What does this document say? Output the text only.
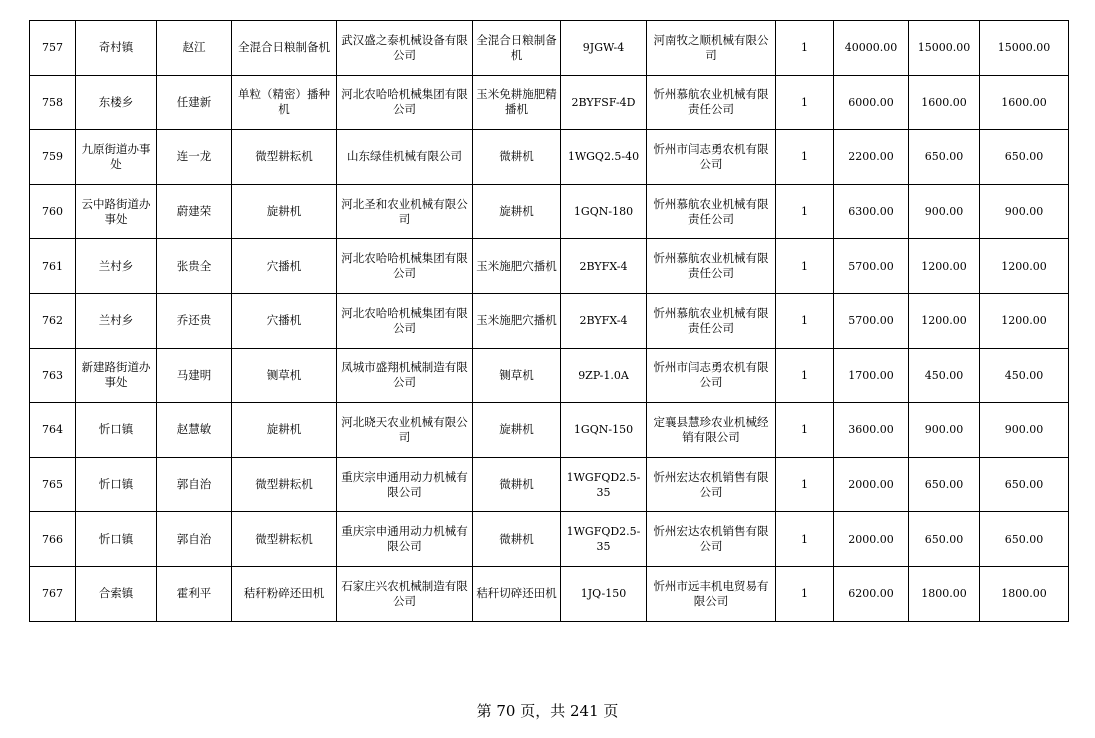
757	奇村镇	赵江	全混合日粮制备机	武汉盛之泰机械设备有限公司	全混合日粮制备机	9JGW-4	河南牧之顺机械有限公司	1	40000.00	15000.00	15000.00
758	东楼乡	任建新	单粒（精密）播种机	河北农哈哈机械集团有限公司	玉米免耕施肥精播机	2BYFSF-4D	忻州慕航农业机械有限责任公司	1	6000.00	1600.00	1600.00
759	九原街道办事处	连一龙	微型耕耘机	山东绿佳机械有限公司	微耕机	1WGQ2.5-40	忻州市闫志勇农机有限公司	1	2200.00	650.00	650.00
760	云中路街道办事处	蔚建荣	旋耕机	河北圣和农业机械有限公司	旋耕机	1GQN-180	忻州慕航农业机械有限责任公司	1	6300.00	900.00	900.00
761	兰村乡	张贵全	穴播机	河北农哈哈机械集团有限公司	玉米施肥穴播机	2BYFX-4	忻州慕航农业机械有限责任公司	1	5700.00	1200.00	1200.00
762	兰村乡	乔还贵	穴播机	河北农哈哈机械集团有限公司	玉米施肥穴播机	2BYFX-4	忻州慕航农业机械有限责任公司	1	5700.00	1200.00	1200.00
763	新建路街道办事处	马建明	铡草机	凤城市盛翔机械制造有限公司	铡草机	9ZP-1.0A	忻州市闫志勇农机有限公司	1	1700.00	450.00	450.00
764	忻口镇	赵慧敏	旋耕机	河北晓天农业机械有限公司	旋耕机	1GQN-150	定襄县慧珍农业机械经销有限公司	1	3600.00	900.00	900.00
765	忻口镇	郭自治	微型耕耘机	重庆宗申通用动力机械有限公司	微耕机	1WGFQD2.5-35	忻州宏达农机销售有限公司	1	2000.00	650.00	650.00
766	忻口镇	郭自治	微型耕耘机	重庆宗申通用动力机械有限公司	微耕机	1WGFQD2.5-35	忻州宏达农机销售有限公司	1	2000.00	650.00	650.00
767	合索镇	霍利平	秸秆粉碎还田机	石家庄兴农机械制造有限公司	秸秆切碎还田机	1JQ-150	忻州市远丰机电贸易有限公司	1	6200.00	1800.00	1800.00
第 70 页，共 241 页
